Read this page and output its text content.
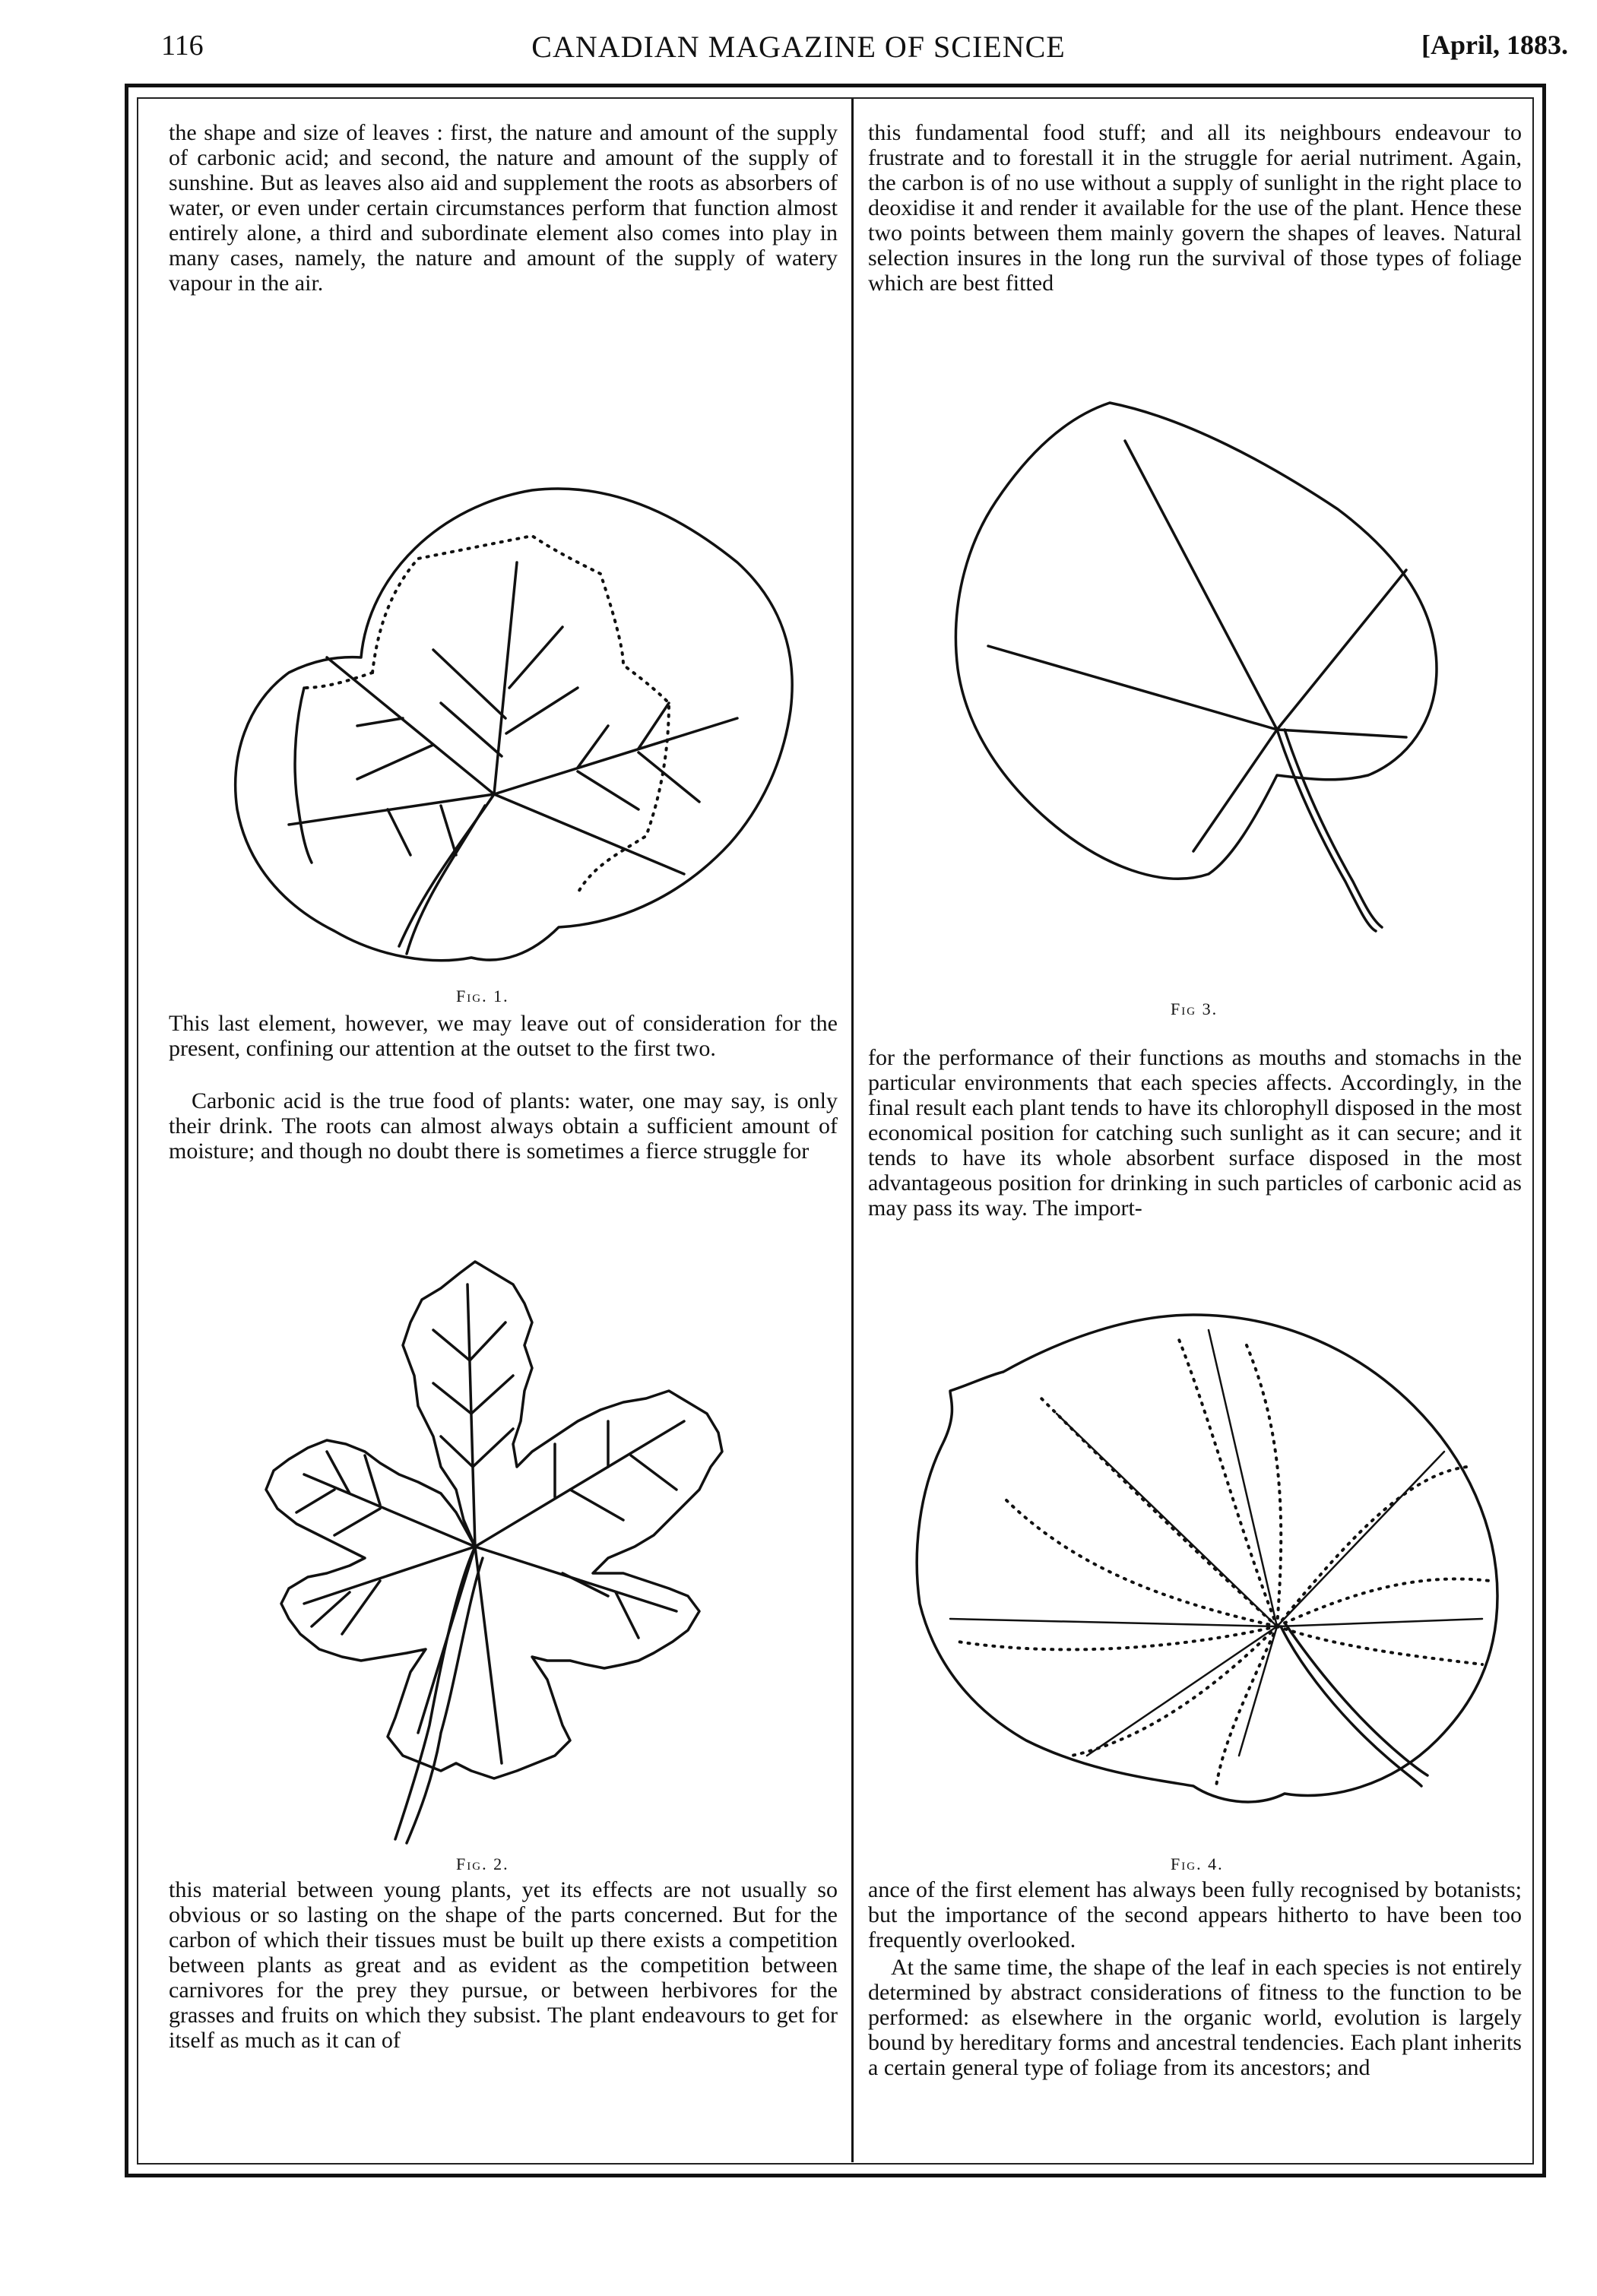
116	CANADIAN MAGAZINE OF SCIENCE	[April, 1883.

the shape and size of leaves : first, the nature and amount of the supply of carbonic acid; and second, the nature and amount of the supply of sunshine. But as leaves also aid and supplement the roots as absorbers of water, or even under certain circumstances perform that function almost entirely alone, a third and subordinate element also comes into play in many cases, namely, the nature and amount of the supply of watery vapour in the air.

Fig. 1.

This last element, however, we may leave out of consideration for the present, confining our attention at the outset to the first two.

Carbonic acid is the true food of plants: water, one may say, is only their drink. The roots can almost always obtain a sufficient amount of moisture; and though no doubt there is sometimes a fierce struggle for

Fig. 2.

this material between young plants, yet its effects are not usually so obvious or so lasting on the shape of the parts concerned. But for the carbon of which their tissues must be built up there exists a competition between plants as great and as evident as the competition between carnivores for the prey they pursue, or between herbivores for the grasses and fruits on which they subsist. The plant endeavours to get for itself as much as it can of

this fundamental food stuff; and all its neighbours endeavour to frustrate and to forestall it in the struggle for aerial nutriment. Again, the carbon is of no use without a supply of sunlight in the right place to deoxidise it and render it available for the use of the plant. Hence these two points between them mainly govern the shapes of leaves. Natural selection insures in the long run the survival of those types of foliage which are best fitted

Fig 3.

for the performance of their functions as mouths and stomachs in the particular environments that each species affects. Accordingly, in the final result each plant tends to have its chlorophyll disposed in the most economical position for catching such sunlight as it can secure; and it tends to have its whole absorbent surface disposed in the most advantageous position for drinking in such particles of carbonic acid as may pass its way. The import-

Fig. 4.

ance of the first element has always been fully recognised by botanists; but the importance of the second appears hitherto to have been too frequently overlooked.

At the same time, the shape of the leaf in each species is not entirely determined by abstract considerations of fitness to the function to be performed: as elsewhere in the organic world, evolution is largely bound by hereditary forms and ancestral tendencies. Each plant inherits a certain general type of foliage from its ancestors; and
